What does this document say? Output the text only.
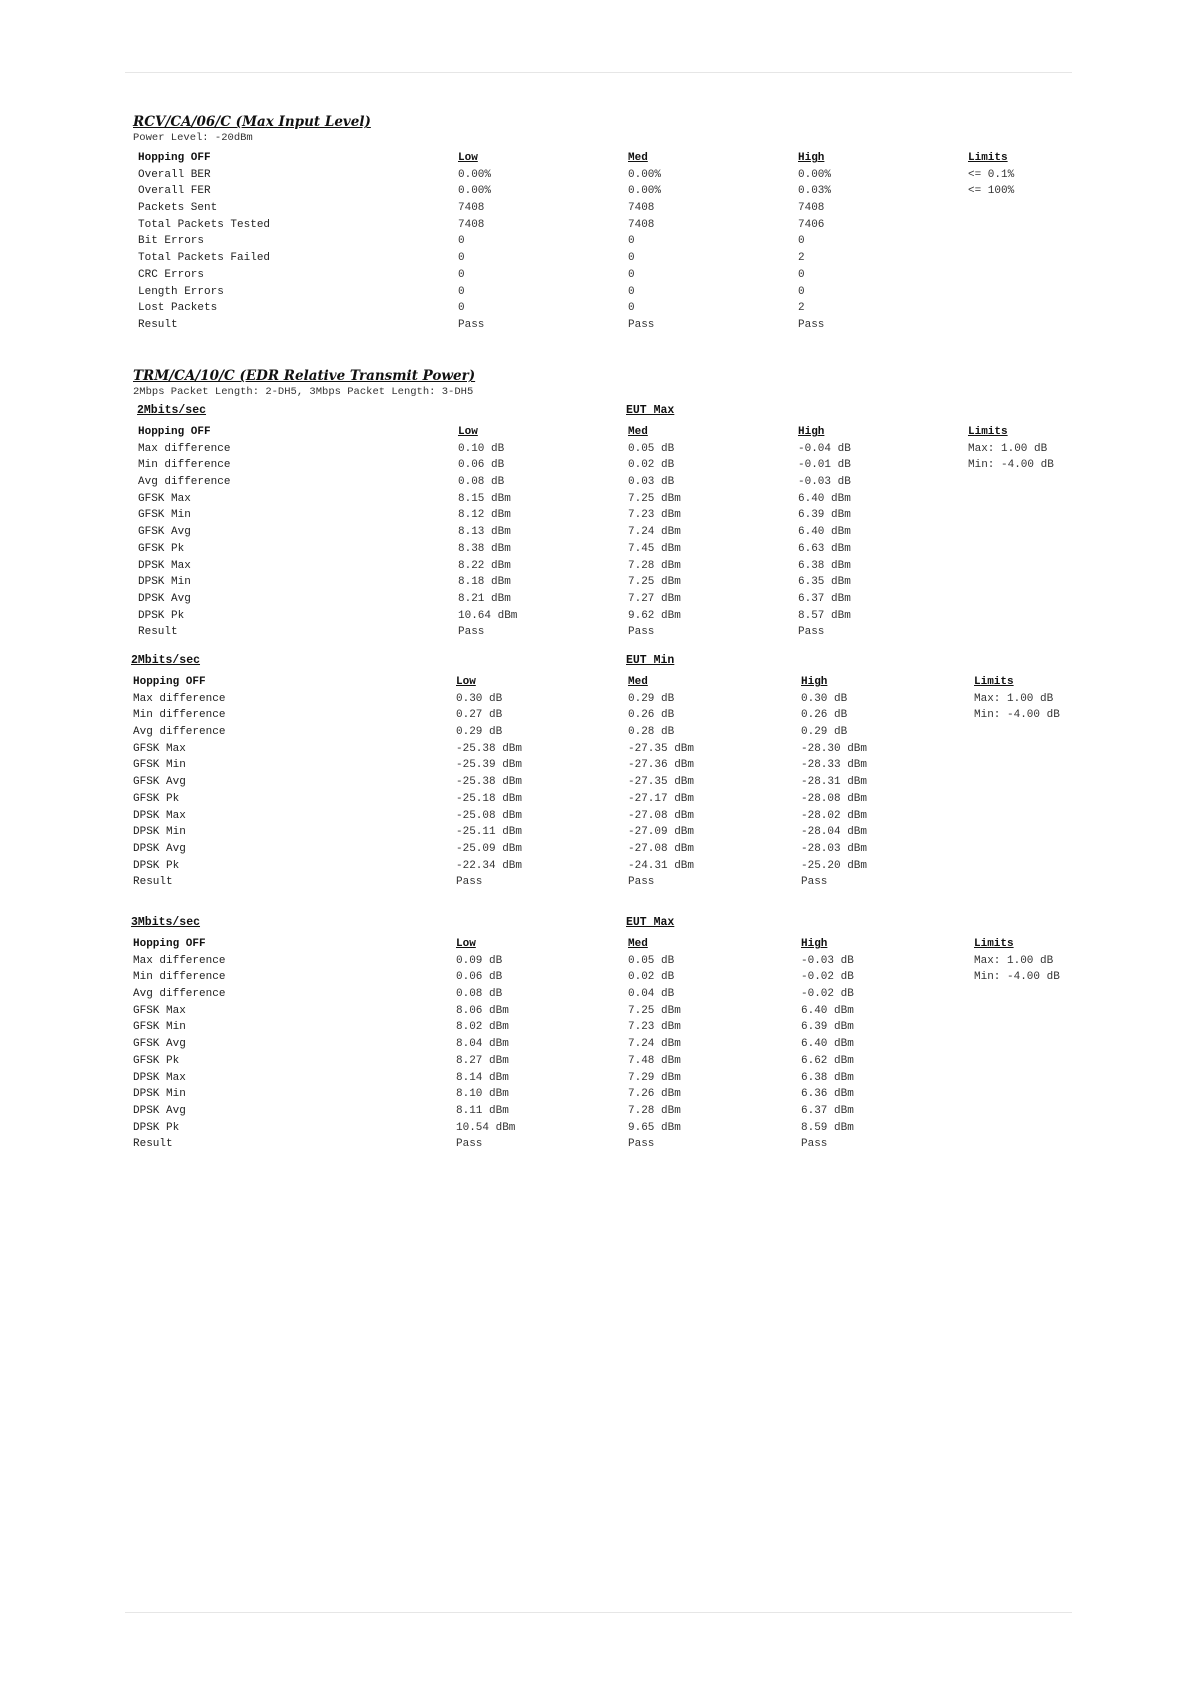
RCV/CA/06/C (Max Input Level)
Power Level: -20dBm
Hopping OFF	Low	Med	High	Limits
Overall BER	0.00%	0.00%	0.00%	<= 0.1%
Overall FER	0.00%	0.00%	0.03%	<= 100%
Packets Sent	7408	7408	7408
Total Packets Tested	7408	7408	7406
Bit Errors	0	0	0
Total Packets Failed	0	0	2
CRC Errors	0	0	0
Length Errors	0	0	0
Lost Packets	0	0	2
Result	Pass	Pass	Pass
TRM/CA/10/C (EDR Relative Transmit Power)
2Mbps Packet Length: 2-DH5, 3Mbps Packet Length: 3-DH5
2Mbits/sec	EUT Max
Hopping OFF	Low	Med	High	Limits
Max difference	0.10 dB	0.05 dB	-0.04 dB	Max: 1.00 dB
Min difference	0.06 dB	0.02 dB	-0.01 dB	Min: -4.00 dB
Avg difference	0.08 dB	0.03 dB	-0.03 dB
GFSK Max	8.15 dBm	7.25 dBm	6.40 dBm
GFSK Min	8.12 dBm	7.23 dBm	6.39 dBm
GFSK Avg	8.13 dBm	7.24 dBm	6.40 dBm
GFSK Pk	8.38 dBm	7.45 dBm	6.63 dBm
DPSK Max	8.22 dBm	7.28 dBm	6.38 dBm
DPSK Min	8.18 dBm	7.25 dBm	6.35 dBm
DPSK Avg	8.21 dBm	7.27 dBm	6.37 dBm
DPSK Pk	10.64 dBm	9.62 dBm	8.57 dBm
Result	Pass	Pass	Pass
2Mbits/sec	EUT Min
Hopping OFF	Low	Med	High	Limits
Max difference	0.30 dB	0.29 dB	0.30 dB	Max: 1.00 dB
Min difference	0.27 dB	0.26 dB	0.26 dB	Min: -4.00 dB
Avg difference	0.29 dB	0.28 dB	0.29 dB
GFSK Max	-25.38 dBm	-27.35 dBm	-28.30 dBm
GFSK Min	-25.39 dBm	-27.36 dBm	-28.33 dBm
GFSK Avg	-25.38 dBm	-27.35 dBm	-28.31 dBm
GFSK Pk	-25.18 dBm	-27.17 dBm	-28.08 dBm
DPSK Max	-25.08 dBm	-27.08 dBm	-28.02 dBm
DPSK Min	-25.11 dBm	-27.09 dBm	-28.04 dBm
DPSK Avg	-25.09 dBm	-27.08 dBm	-28.03 dBm
DPSK Pk	-22.34 dBm	-24.31 dBm	-25.20 dBm
Result	Pass	Pass	Pass
3Mbits/sec	EUT Max
Hopping OFF	Low	Med	High	Limits
Max difference	0.09 dB	0.05 dB	-0.03 dB	Max: 1.00 dB
Min difference	0.06 dB	0.02 dB	-0.02 dB	Min: -4.00 dB
Avg difference	0.08 dB	0.04 dB	-0.02 dB
GFSK Max	8.06 dBm	7.25 dBm	6.40 dBm
GFSK Min	8.02 dBm	7.23 dBm	6.39 dBm
GFSK Avg	8.04 dBm	7.24 dBm	6.40 dBm
GFSK Pk	8.27 dBm	7.48 dBm	6.62 dBm
DPSK Max	8.14 dBm	7.29 dBm	6.38 dBm
DPSK Min	8.10 dBm	7.26 dBm	6.36 dBm
DPSK Avg	8.11 dBm	7.28 dBm	6.37 dBm
DPSK Pk	10.54 dBm	9.65 dBm	8.59 dBm
Result	Pass	Pass	Pass
